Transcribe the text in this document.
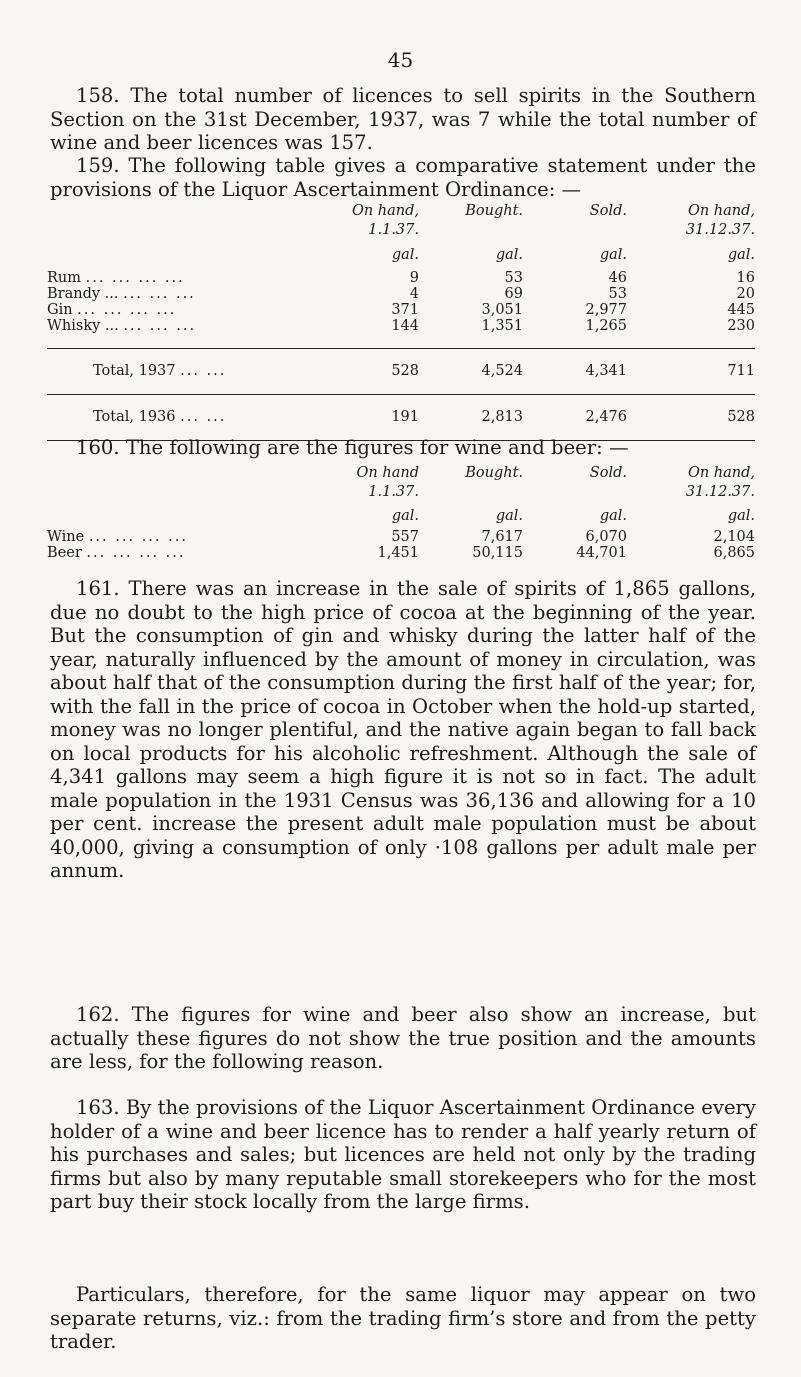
45

158. The total number of licences to sell spirits in the Southern Section on the 31st December, 1937, was 7 while the total number of wine and beer licences was 157.

159. The following table gives a comparative statement under the provisions of the Liquor Ascertainment Ordinance: —

	On hand,	Bought.	Sold.	On hand,
	1.1.37.			31.12.37.
	gal.	gal.	gal.	gal.
Rum ... ... ... ...	9	53	46	16
Brandy ... ... ... ...	4	69	53	20
Gin ... ... ... ...	371	3,051	2,977	445
Whisky ... ... ... ...	144	1,351	1,265	230
Total, 1937 ... ...	528	4,524	4,341	711
Total, 1936 ... ...	191	2,813	2,476	528

160. The following are the figures for wine and beer: —

	On hand	Bought.	Sold.	On hand,
	1.1.37.			31.12.37.
	gal.	gal.	gal.	gal.
Wine ... ... ... ...	557	7,617	6,070	2,104
Beer ... ... ... ...	1,451	50,115	44,701	6,865

161. There was an increase in the sale of spirits of 1,865 gallons, due no doubt to the high price of cocoa at the beginning of the year. But the consumption of gin and whisky during the latter half of the year, naturally influenced by the amount of money in circulation, was about half that of the consumption during the first half of the year; for, with the fall in the price of cocoa in October when the hold-up started, money was no longer plentiful, and the native again began to fall back on local products for his alcoholic refreshment. Although the sale of 4,341 gallons may seem a high figure it is not so in fact. The adult male population in the 1931 Census was 36,136 and allowing for a 10 per cent. increase the present adult male population must be about 40,000, giving a consumption of only ·108 gallons per adult male per annum.

162. The figures for wine and beer also show an increase, but actually these figures do not show the true position and the amounts are less, for the following reason.

163. By the provisions of the Liquor Ascertainment Ordinance every holder of a wine and beer licence has to render a half yearly return of his purchases and sales; but licences are held not only by the trading firms but also by many reputable small storekeepers who for the most part buy their stock locally from the large firms.

Particulars, therefore, for the same liquor may appear on two separate returns, viz.: from the trading firm’s store and from the petty trader.
